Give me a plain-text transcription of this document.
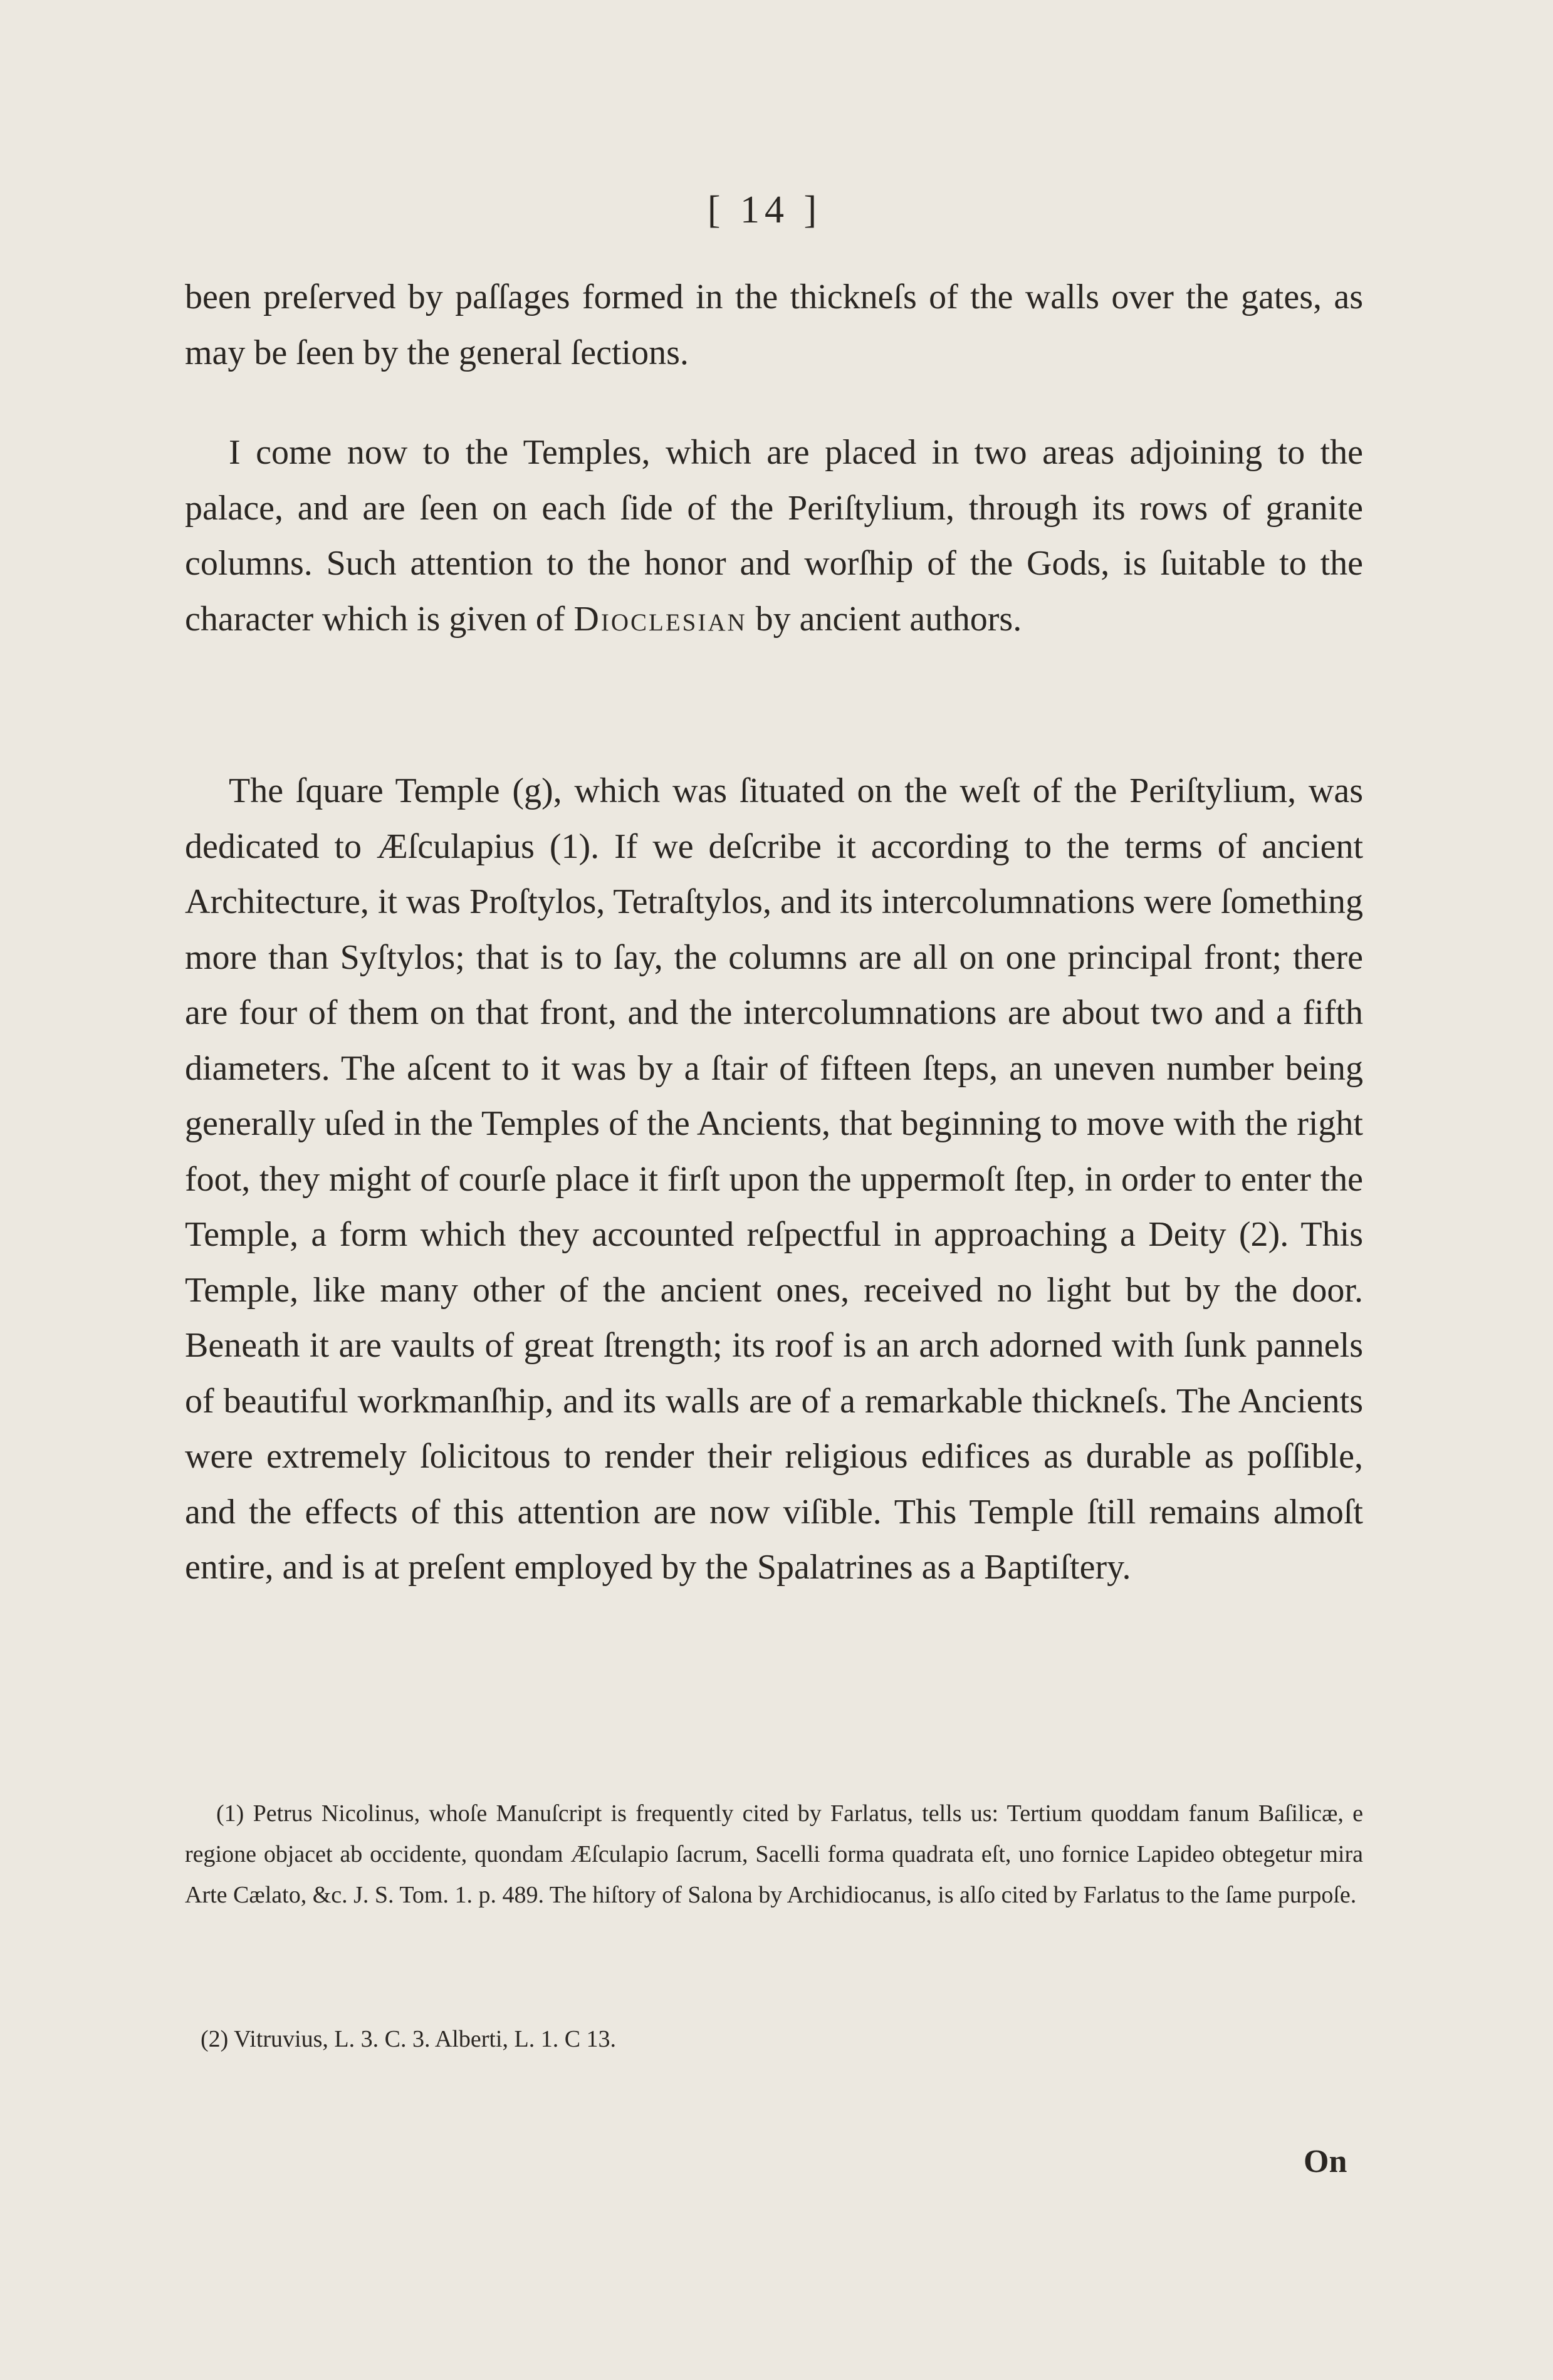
[ 14 ]
been preſerved by paſſages formed in the thickneſs of the walls over the gates, as may be ſeen by the general ſections.
I come now to the Temples, which are placed in two areas adjoining to the palace, and are ſeen on each ſide of the Periſtylium, through its rows of granite columns. Such attention to the honor and worſhip of the Gods, is ſuitable to the character which is given of Dioclesian by ancient authors.
The ſquare Temple (g), which was ſituated on the weſt of the Periſtylium, was dedicated to Æſculapius (1). If we deſcribe it according to the terms of ancient Architecture, it was Proſtylos, Tetraſtylos, and its intercolumnations were ſomething more than Syſtylos; that is to ſay, the columns are all on one principal front; there are four of them on that front, and the intercolumnations are about two and a fifth diameters. The aſcent to it was by a ſtair of fifteen ſteps, an uneven number being generally uſed in the Temples of the Ancients, that beginning to move with the right foot, they might of courſe place it firſt upon the uppermoſt ſtep, in order to enter the Temple, a form which they accounted reſpectful in approaching a Deity (2). This Temple, like many other of the ancient ones, received no light but by the door. Beneath it are vaults of great ſtrength; its roof is an arch adorned with ſunk pannels of beautiful workmanſhip, and its walls are of a remarkable thickneſs. The Ancients were extremely ſolicitous to render their religious edifices as durable as poſſible, and the effects of this attention are now viſible. This Temple ſtill remains almoſt entire, and is at preſent employed by the Spalatrines as a Baptiſtery.
(1) Petrus Nicolinus, whoſe Manuſcript is frequently cited by Farlatus, tells us: Tertium quoddam fanum Baſilicæ, e regione objacet ab occidente, quondam Æſculapio ſacrum, Sacelli forma quadrata eſt, uno fornice Lapideo obtegetur mira Arte Cælato, &c. J. S. Tom. 1. p. 489. The hiſtory of Salona by Archidiocanus, is alſo cited by Farlatus to the ſame purpoſe.
(2) Vitruvius, L. 3. C. 3. Alberti, L. 1. C 13.
On
